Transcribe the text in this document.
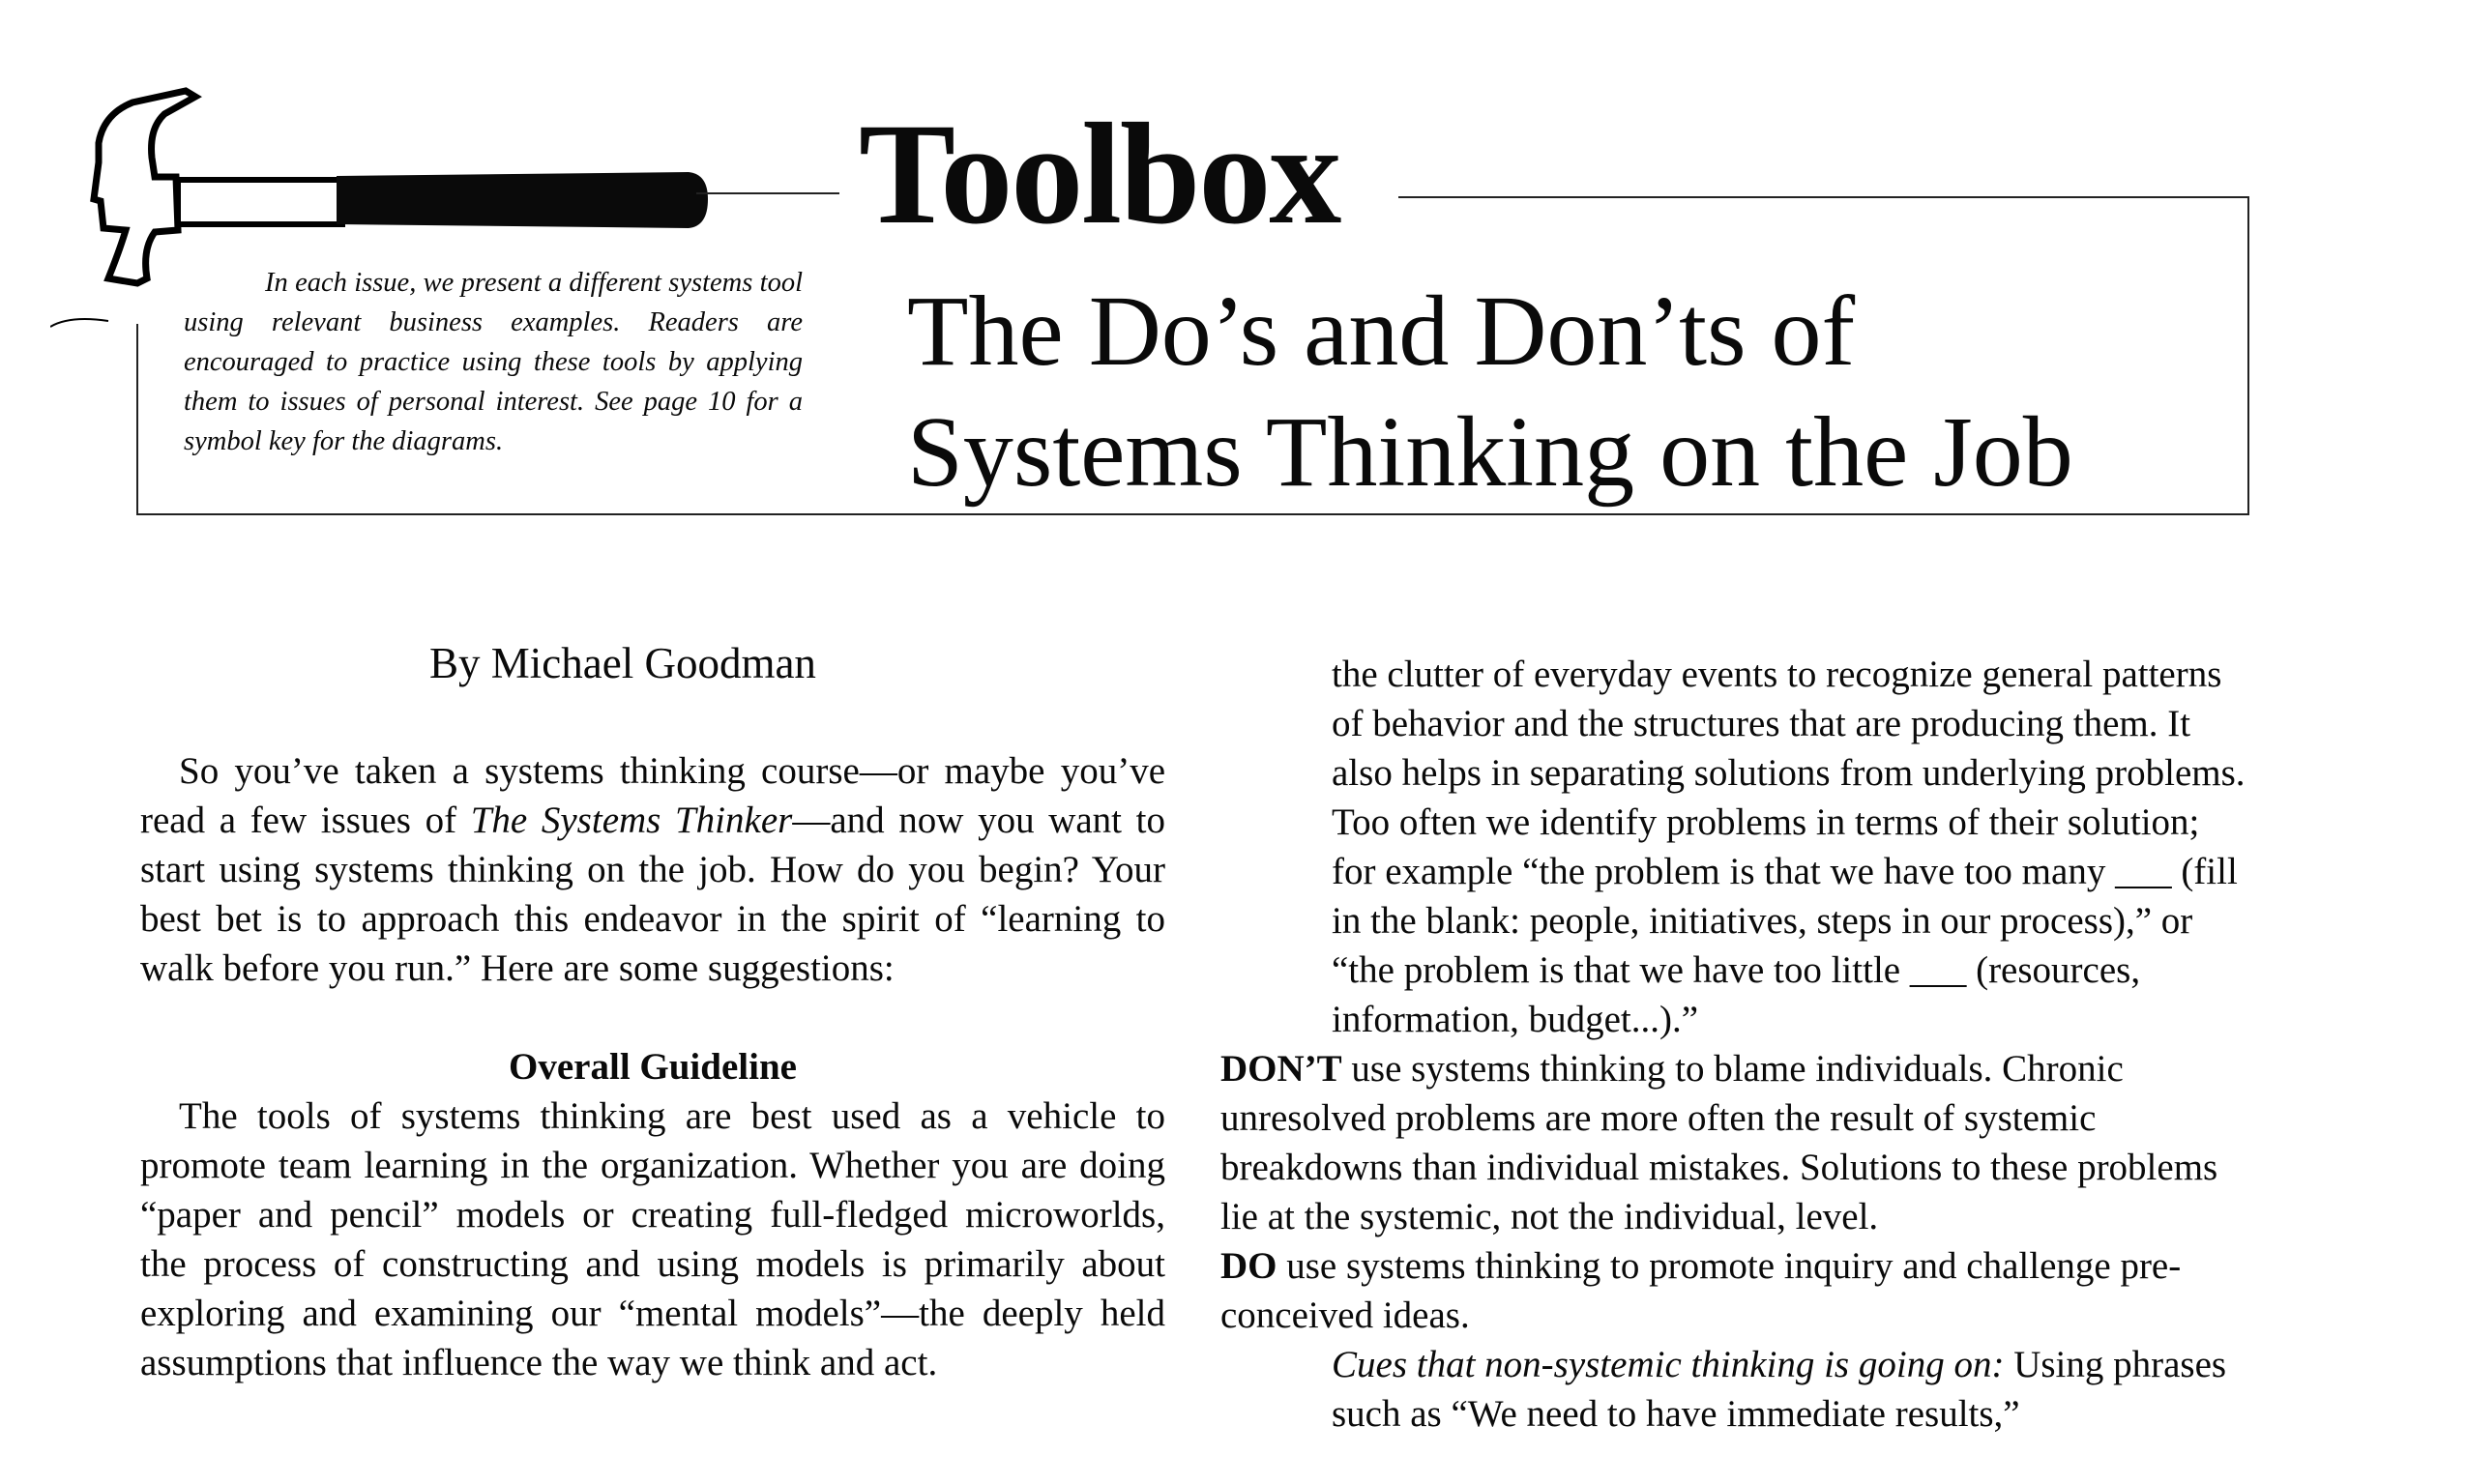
Toolbox
The Do’s and Don’ts of
Systems Thinking on the Job
In each issue, we present a different systems tool using relevant business examples. Readers are encouraged to practice using these tools by applying them to issues of personal interest. See page 10 for a symbol key for the diagrams.
By Michael Goodman

So you’ve taken a systems thinking course—or maybe you’ve read a few issues of The Systems Thinker—and now you want to start using systems thinking on the job. How do you begin? Your best bet is to approach this endeavor in the spirit of “learning to walk before you run.” Here are some suggestions:

Overall Guideline

The tools of systems thinking are best used as a vehicle to promote team learning in the organization. Whether you are doing “paper and pencil” models or creating full-fledged microworlds, the process of constructing and using models is primarily about exploring and examining our “mental models”—the deeply held assumptions that influence the way we think and act.

the clutter of everyday events to recognize general patterns of behavior and the structures that are producing them. It also helps in separating solutions from underlying problems. Too often we identify problems in terms of their solution; for example “the problem is that we have too many ___ (fill in the blank: people, initiatives, steps in our process),” or “the problem is that we have too little ___ (resources, information, budget...).”

DON’T use systems thinking to blame individuals. Chronic unresolved problems are more often the result of systemic breakdowns than individual mistakes. Solutions to these problems lie at the systemic, not the individual, level.

DO use systems thinking to promote inquiry and challenge pre-conceived ideas.

Cues that non-systemic thinking is going on: Using phrases such as “We need to have immediate results,”
